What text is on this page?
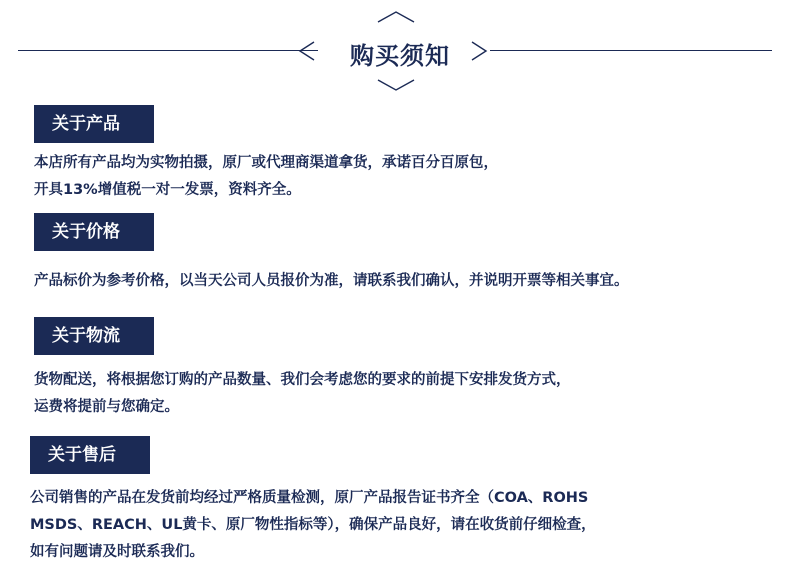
购买须知
关于产品

本店所有产品均为实物拍摄，原厂或代理商渠道拿货，承诺百分百原包，
开具13%增值税一对一发票，资料齐全。

关于价格

产品标价为参考价格，以当天公司人员报价为准，请联系我们确认，并说明开票等相关事宜。

关于物流

货物配送，将根据您订购的产品数量、我们会考虑您的要求的前提下安排发货方式，
运费将提前与您确定。

关于售后

公司销售的产品在发货前均经过严格质量检测，原厂产品报告证书齐全（COA、ROHS
MSDS、REACH、UL黄卡、原厂物性指标等），确保产品良好，请在收货前仔细检查，
如有问题请及时联系我们。
